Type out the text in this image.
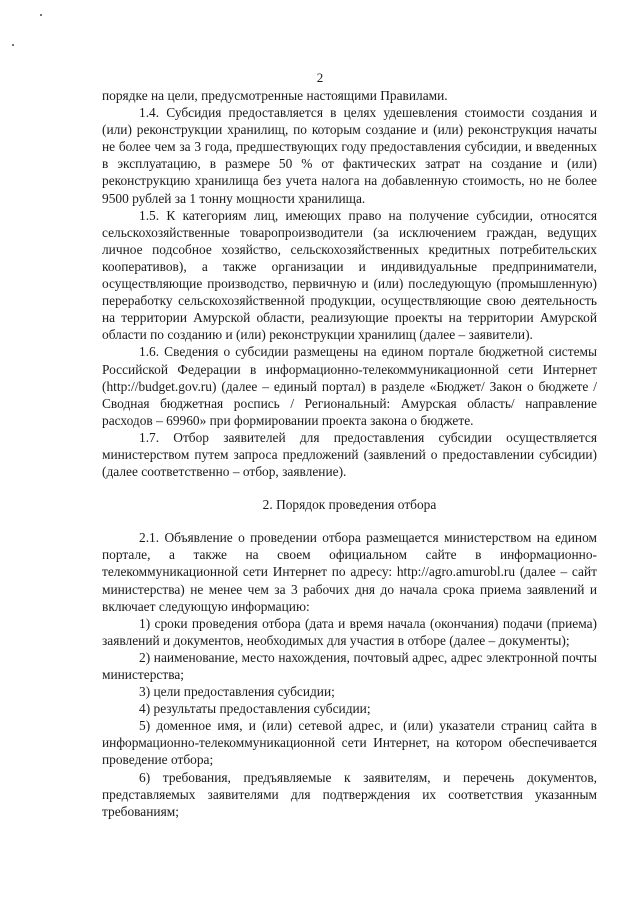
2

порядке на цели, предусмотренные настоящими Правилами.

1.4. Субсидия предоставляется в целях удешевления стоимости создания и (или) реконструкции хранилищ, по которым создание и (или) реконструкция начаты не более чем за 3 года, предшествующих году предоставления субсидии, и введенных в эксплуатацию, в размере 50 % от фактических затрат на создание и (или) реконструкцию хранилища без учета налога на добавленную стоимость, но не более 9500 рублей за 1 тонну мощности хранилища.

1.5. К категориям лиц, имеющих право на получение субсидии, относятся сельскохозяйственные товаропроизводители (за исключением граждан, ведущих личное подсобное хозяйство, сельскохозяйственных кредитных потребительских кооперативов), а также организации и индивидуальные предприниматели, осуществляющие производство, первичную и (или) последующую (промышленную) переработку сельскохозяйственной продукции, осуществляющие свою деятельность на территории Амурской области, реализующие проекты на территории Амурской области по созданию и (или) реконструкции хранилищ (далее – заявители).

1.6. Сведения о субсидии размещены на едином портале бюджетной системы Российской Федерации в информационно-телекоммуникационной сети Интернет (http://budget.gov.ru) (далее – единый портал) в разделе «Бюджет/ Закон о бюджете / Сводная бюджетная роспись / Региональный: Амурская область/ направление расходов – 69960» при формировании проекта закона о бюджете.

1.7. Отбор заявителей для предоставления субсидии осуществляется министерством путем запроса предложений (заявлений о предоставлении субсидии) (далее соответственно – отбор, заявление).

2. Порядок проведения отбора

2.1. Объявление о проведении отбора размещается министерством на едином портале, а также на своем официальном сайте в информационно-телекоммуникационной сети Интернет по адресу: http://agro.amurobl.ru (далее – сайт министерства) не менее чем за 3 рабочих дня до начала срока приема заявлений и включает следующую информацию:

1) сроки проведения отбора (дата и время начала (окончания) подачи (приема) заявлений и документов, необходимых для участия в отборе (далее – документы);

2) наименование, место нахождения, почтовый адрес, адрес электронной почты министерства;

3) цели предоставления субсидии;

4) результаты предоставления субсидии;

5) доменное имя, и (или) сетевой адрес, и (или) указатели страниц сайта в информационно-телекоммуникационной сети Интернет, на котором обеспечивается проведение отбора;

6) требования, предъявляемые к заявителям, и перечень документов, представляемых заявителями для подтверждения их соответствия указанным требованиям;
